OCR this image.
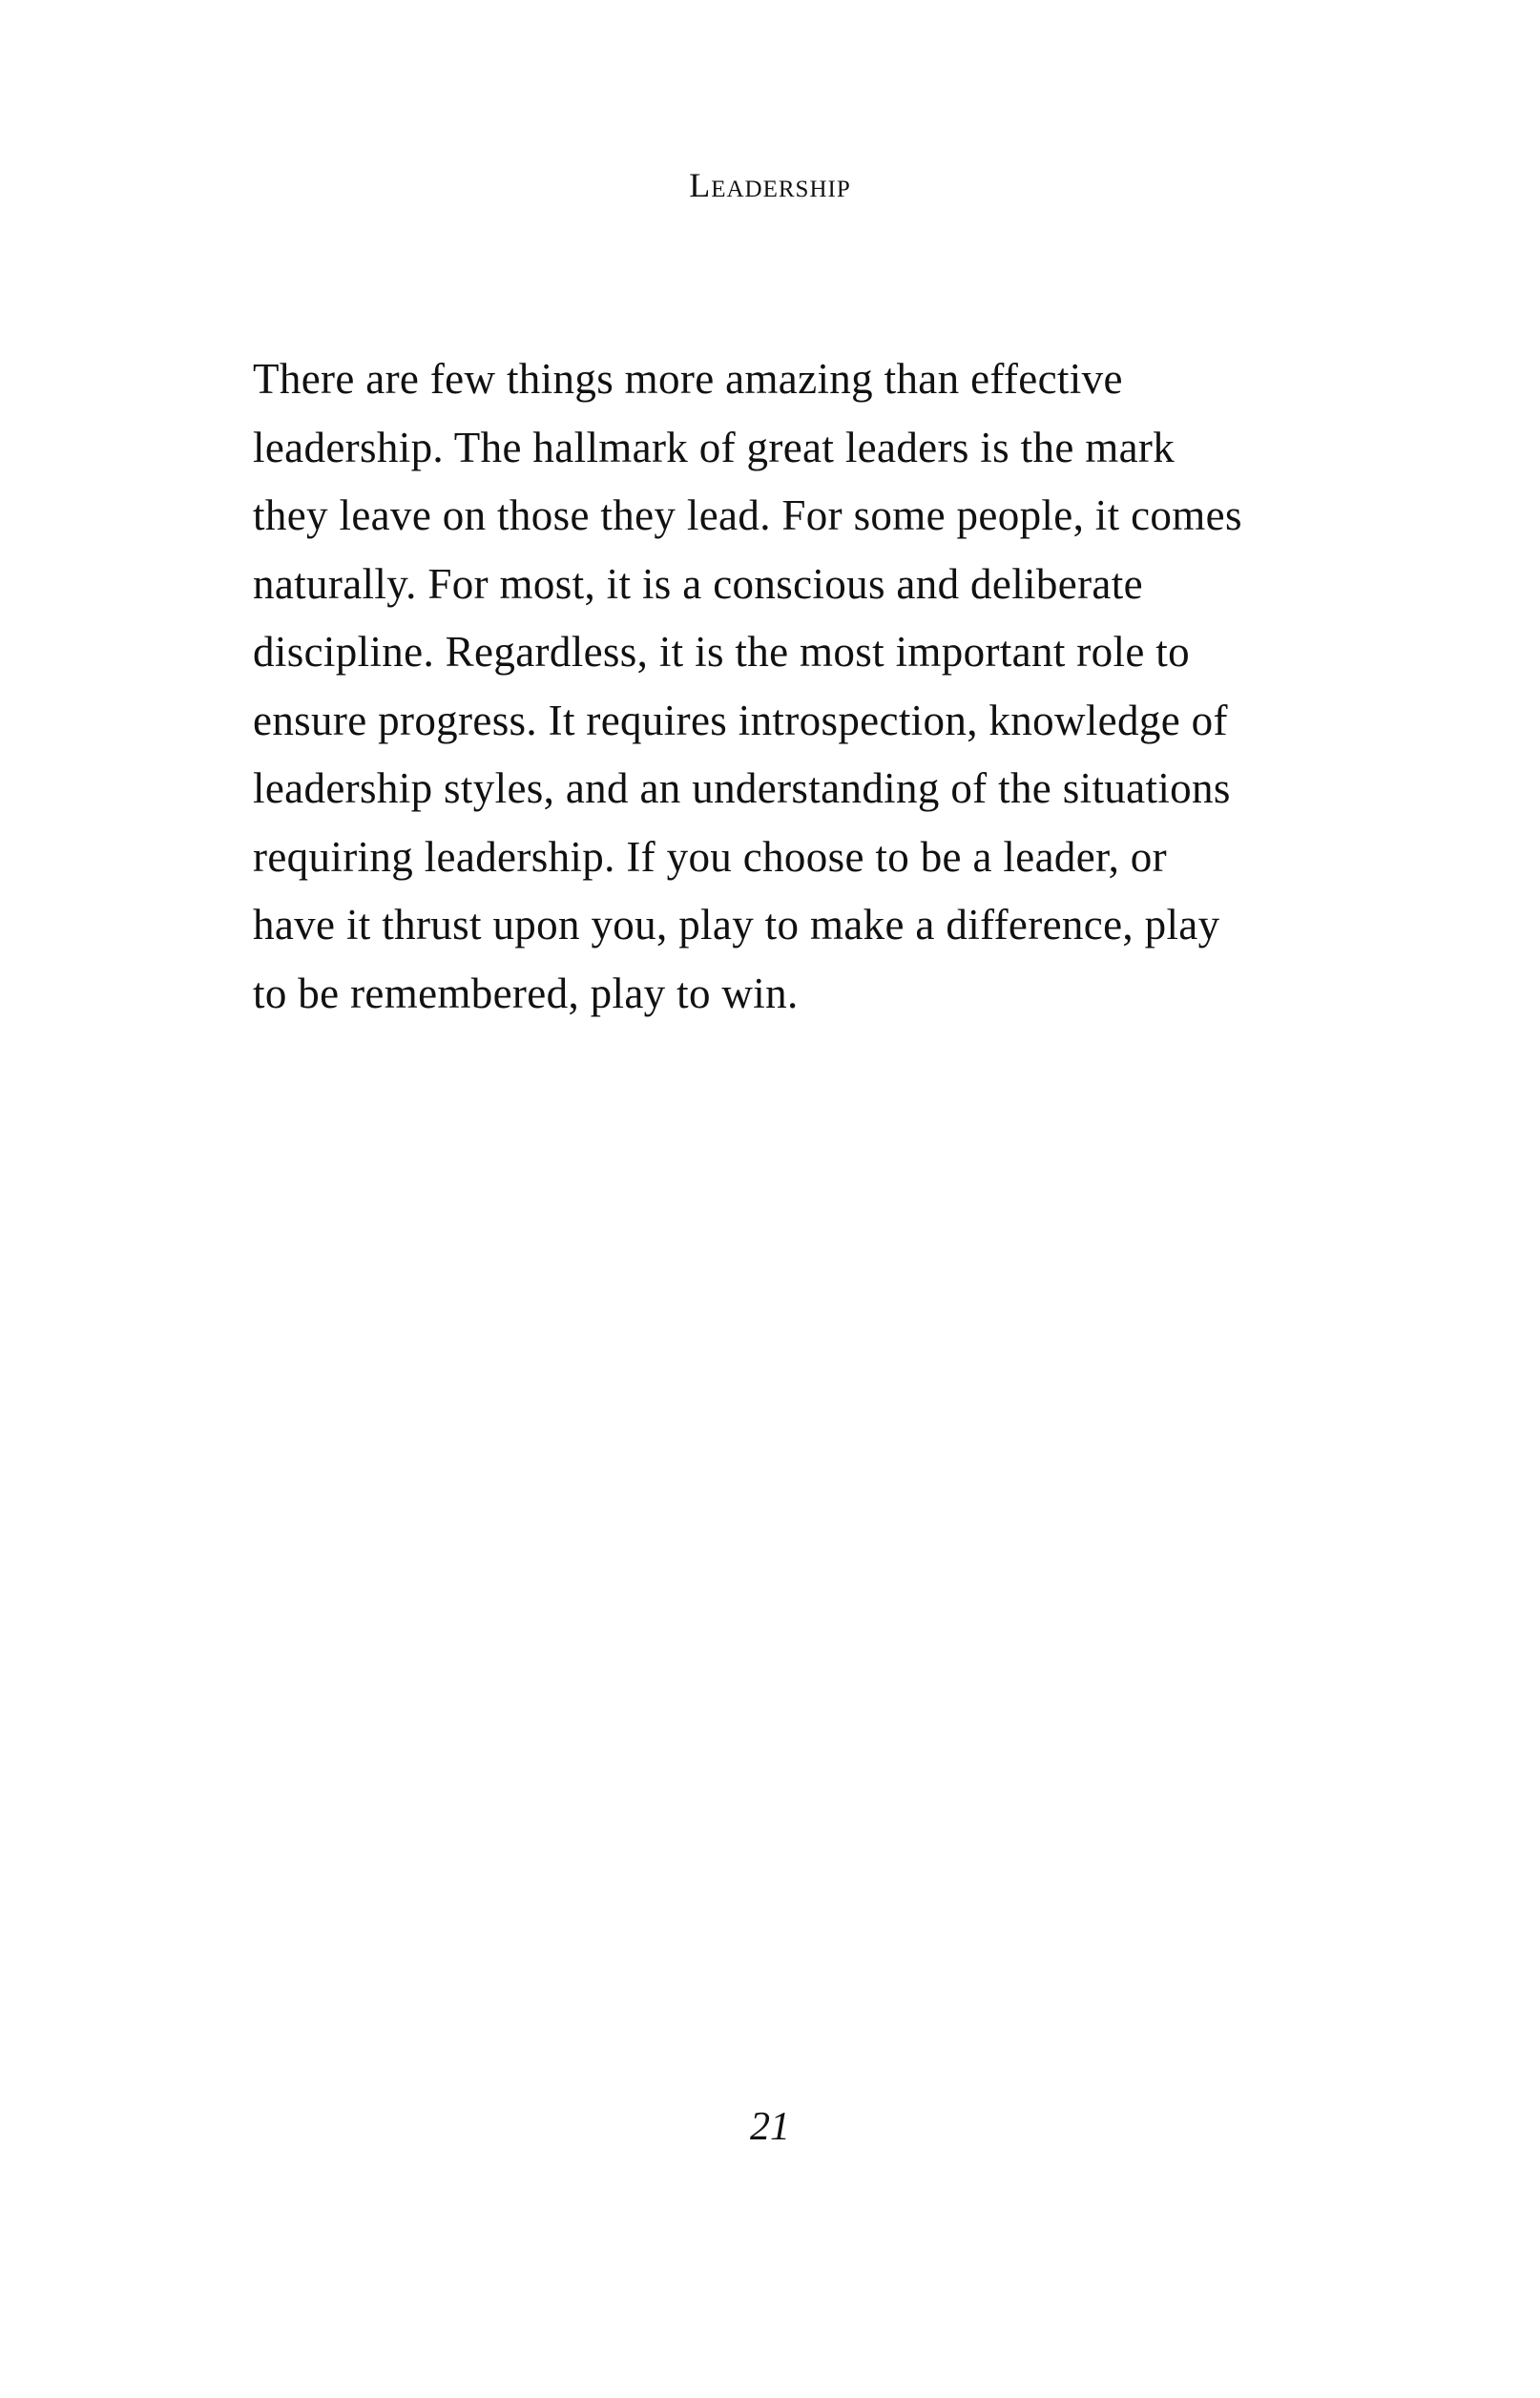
Leadership
There are few things more amazing than effective
leadership. The hallmark of great leaders is the mark
they leave on those they lead. For some people, it comes
naturally. For most, it is a conscious and deliberate
discipline. Regardless, it is the most important role to
ensure progress. It requires introspection, knowledge of
leadership styles, and an understanding of the situations
requiring leadership. If you choose to be a leader, or
have it thrust upon you, play to make a difference, play
to be remembered, play to win.
21
